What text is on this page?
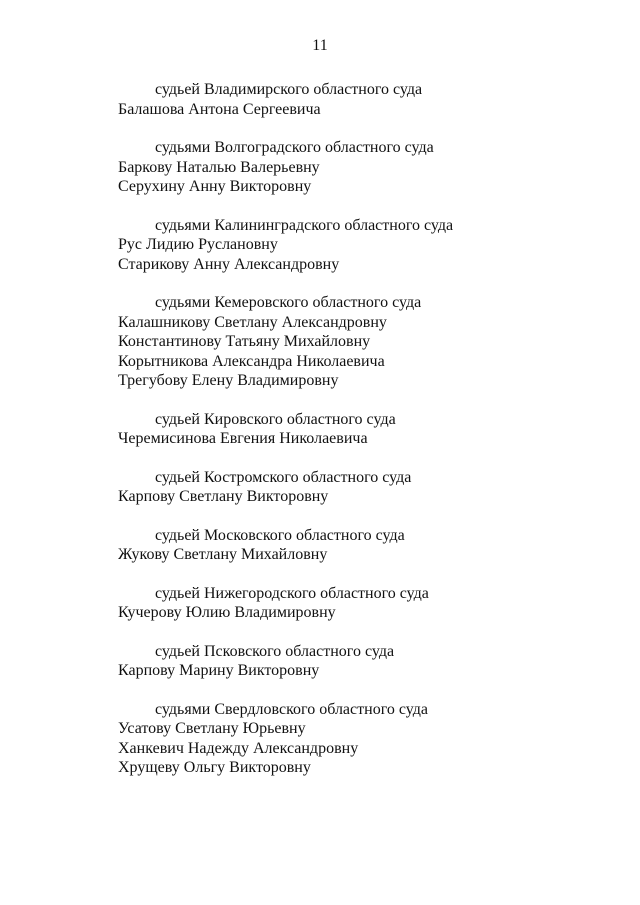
11
судьей Владимирского областного суда
Балашова Антона Сергеевича
судьями Волгоградского областного суда
Баркову Наталью Валерьевну
Серухину Анну Викторовну
судьями Калининградского областного суда
Рус Лидию Руслановну
Старикову Анну Александровну
судьями Кемеровского областного суда
Калашникову Светлану Александровну
Константинову Татьяну Михайловну
Корытникова Александра Николаевича
Трегубову Елену Владимировну
судьей Кировского областного суда
Черемисинова Евгения Николаевича
судьей Костромского областного суда
Карпову Светлану Викторовну
судьей Московского областного суда
Жукову Светлану Михайловну
судьей Нижегородского областного суда
Кучерову Юлию Владимировну
судьей Псковского областного суда
Карпову Марину Викторовну
судьями Свердловского областного суда
Усатову Светлану Юрьевну
Ханкевич Надежду Александровну
Хрущеву Ольгу Викторовну
